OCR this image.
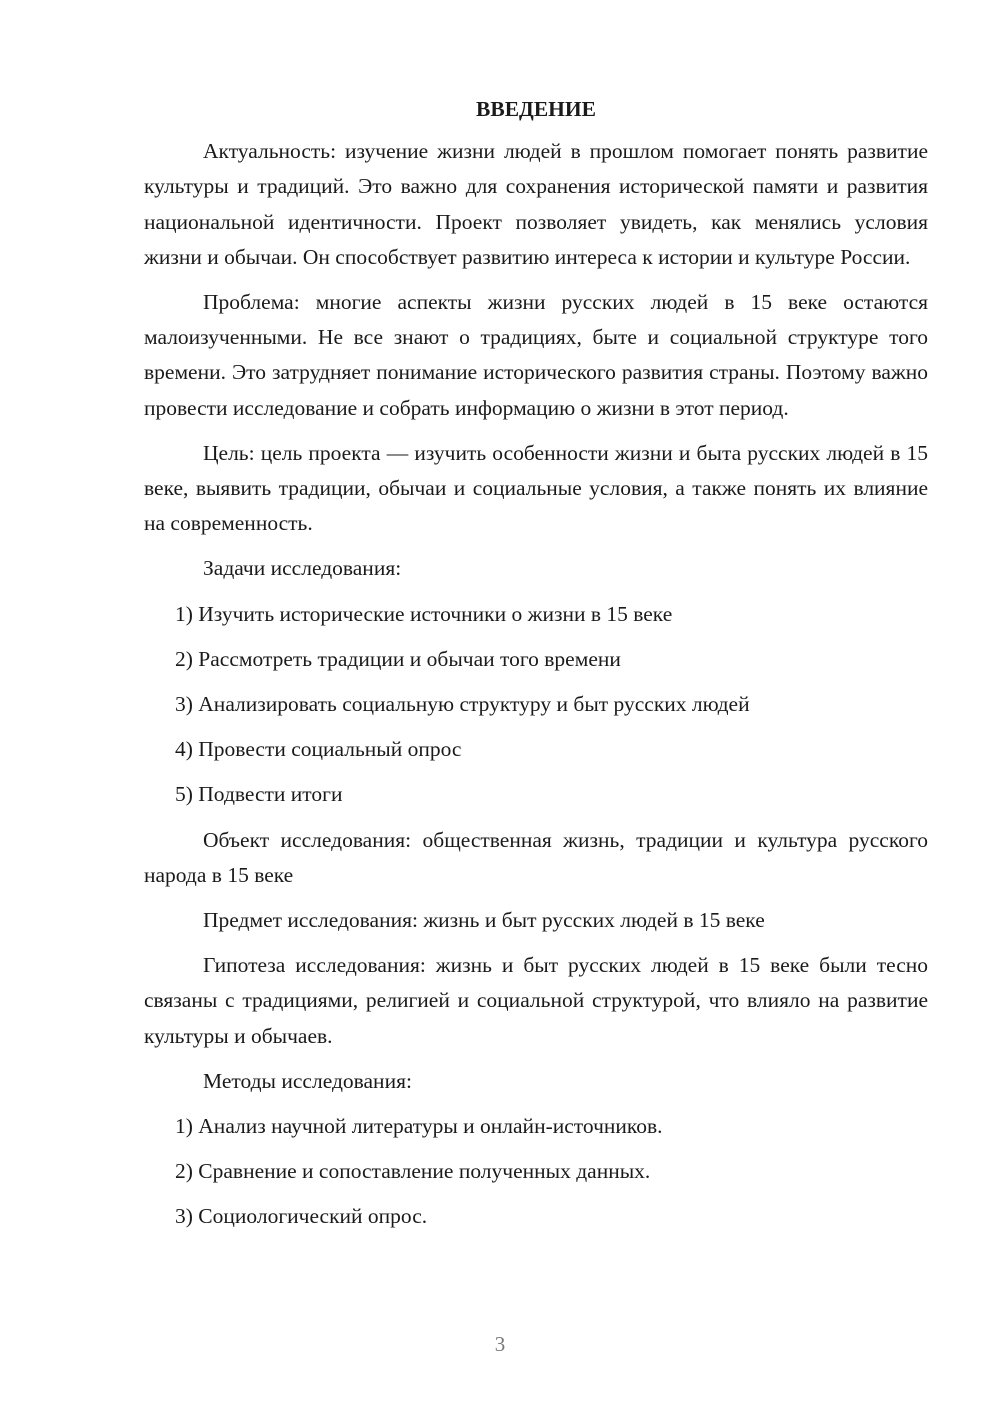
ВВЕДЕНИЕ
Актуальность: изучение жизни людей в прошлом помогает понять развитие культуры и традиций. Это важно для сохранения исторической памяти и развития национальной идентичности. Проект позволяет увидеть, как менялись условия жизни и обычаи. Он способствует развитию интереса к истории и культуре России.
Проблема: многие аспекты жизни русских людей в 15 веке остаются малоизученными. Не все знают о традициях, быте и социальной структуре того времени. Это затрудняет понимание исторического развития страны. Поэтому важно провести исследование и собрать информацию о жизни в этот период.
Цель: цель проекта — изучить особенности жизни и быта русских людей в 15 веке, выявить традиции, обычаи и социальные условия, а также понять их влияние на современность.
Задачи исследования:
1) Изучить исторические источники о жизни в 15 веке
2) Рассмотреть традиции и обычаи того времени
3) Анализировать социальную структуру и быт русских людей
4) Провести социальный опрос
5) Подвести итоги
Объект исследования: общественная жизнь, традиции и культура русского народа в 15 веке
Предмет исследования: жизнь и быт русских людей в 15 веке
Гипотеза исследования: жизнь и быт русских людей в 15 веке были тесно связаны с традициями, религией и социальной структурой, что влияло на развитие культуры и обычаев.
Методы исследования:
1) Анализ научной литературы и онлайн-источников.
2) Сравнение и сопоставление полученных данных.
3) Социологический опрос.
3
